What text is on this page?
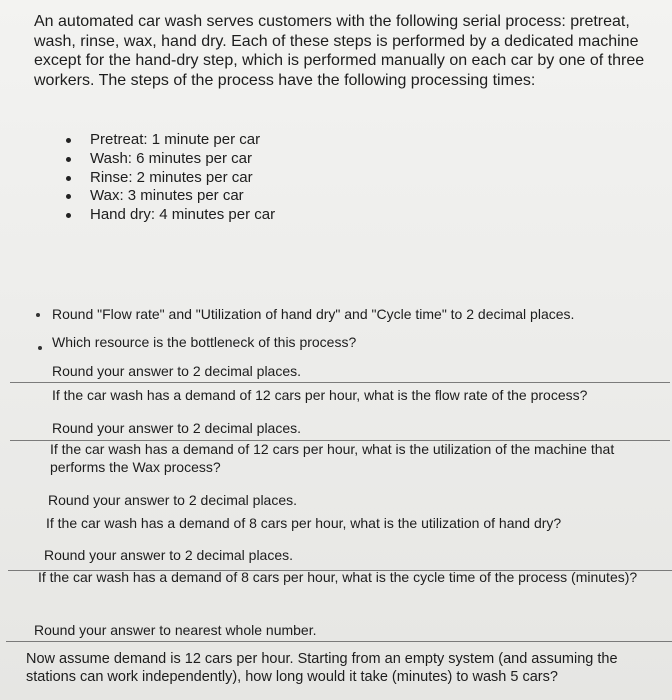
An automated car wash serves customers with the following serial process: pretreat, wash, rinse, wax, hand dry. Each of these steps is performed by a dedicated machine except for the hand-dry step, which is performed manually on each car by one of three workers. The steps of the process have the following processing times:

Pretreat: 1 minute per car
Wash: 6 minutes per car
Rinse: 2 minutes per car
Wax: 3 minutes per car
Hand dry: 4 minutes per car
Round "Flow rate" and "Utilization of hand dry" and "Cycle time" to 2 decimal places.
Which resource is the bottleneck of this process?
Round your answer to 2 decimal places.
If the car wash has a demand of 12 cars per hour, what is the flow rate of the process?
Round your answer to 2 decimal places.
If the car wash has a demand of 12 cars per hour, what is the utilization of the machine that performs the Wax process?
Round your answer to 2 decimal places.
If the car wash has a demand of 8 cars per hour, what is the utilization of hand dry?
Round your answer to 2 decimal places.
If the car wash has a demand of 8 cars per hour, what is the cycle time of the process (minutes)?
Round your answer to nearest whole number.
Now assume demand is 12 cars per hour. Starting from an empty system (and assuming the stations can work independently), how long would it take (minutes) to wash 5 cars?
